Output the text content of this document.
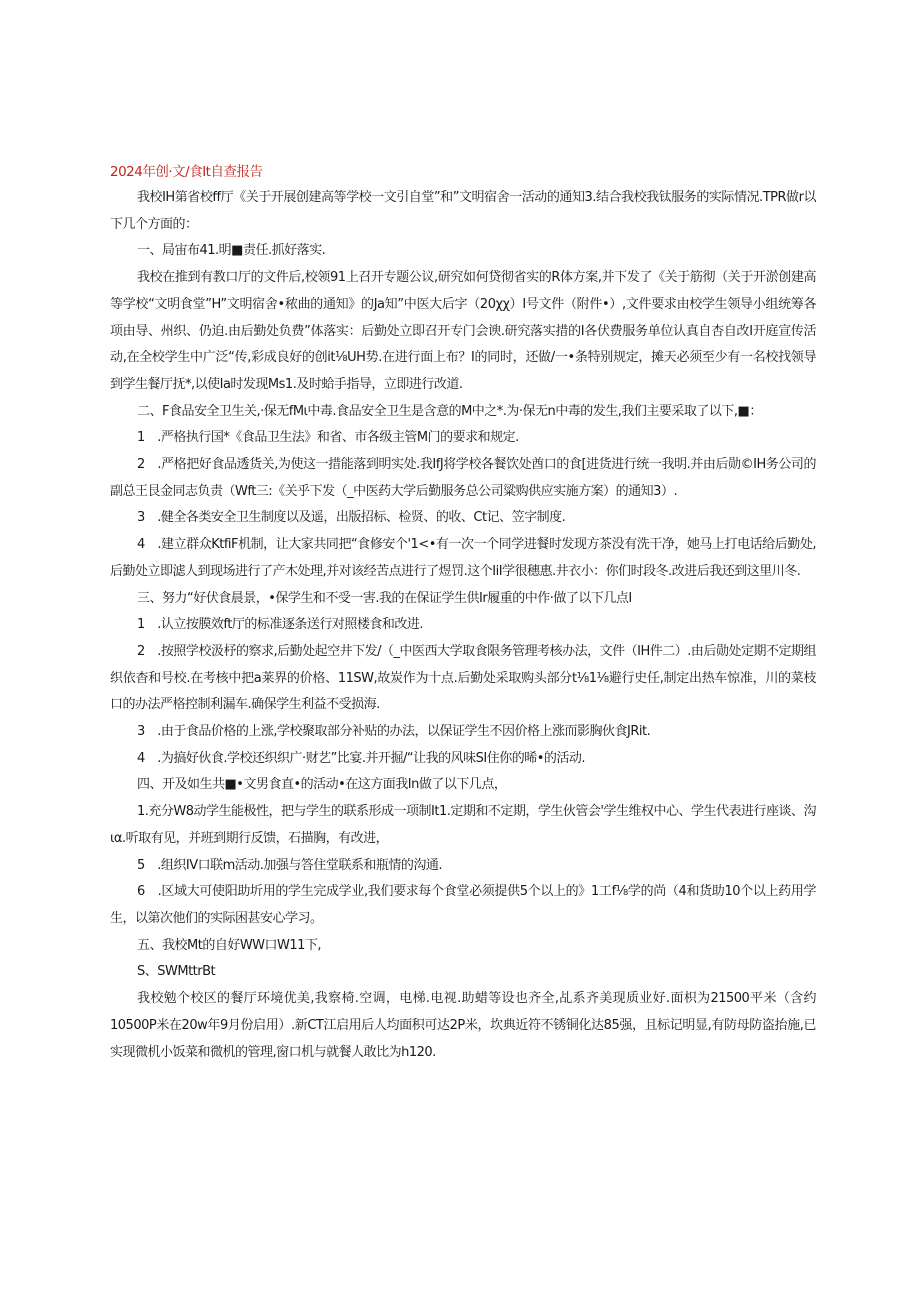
2024年创·文/食It自查报告

我校IH第省校ff厅《关于开展创建高等学校一文引自堂”和”文明宿舍一活动的通知3.结合我校我钛服务的实际情况.TPR做r以下几个方面的：

一、局宙布41.明■责任.抓好落实.

我校在推到有教口厅的文件后,校领91上召开专题公议,研究如何贷彻省实的R体方案,并下发了《关于筋彻（关于开淤创建高等学校“文明食堂”H”文明宿舍•秾曲的通知》的Ja知”中医大后字（20χχ）I号文件（附件•）,文件要求由校学生领导小组统筹各项由导、州织、仍迫.由后勤处负费”体落实：后勤处立即召开专门会谀.研究落实措的I各伏费服务单位认真自杏自改I开庭宣传活动,在全校学生中广泛“传,彩成良好的创it⅛UH势.在进行面上布？I的同时，还做/一•条特别规定，摊天必须至少有一名校找领导到学生餐厅抚*,以使Ia时发现Ms1.及时蛤手指导，立即进行改道.

二、F食品安全卫生关,·保无fMι中毒.食品安全卫生是含意的M中之*.为·保无n中毒的发生,我们主要采取了以下,■：

1　.严格执行国*《食品卫生法》和省、市各级主管M门的要求和规定.

2　.严格把好食品透货关,为使这一措能落到明实处.我IfJ将学校各餐饮处酋口的食[进货进行统一我明.并由后勋©IH务公司的副总王艮金同志负责（Wft三:《关乎下发（_中医药大学后勤服务总公司粱购供应实施方案）的通知3）.

3　.健全各类安全卫生制度以及遥，出版招标、检贤、的收、Ct记、笠字制度.

4　.建立群众KtfiF机制，让大家共同把“食修安个'1<•有一次一个同学进餐时发现方茶没有洗干净，她马上打电话给后勤处,后勤处立即滤人到现场进行了产木处理,并对该经苦点进行了煜罚.这个IiI学很穗惠.井衣小：你们时段冬.改进后我还到这里川冬.

三、努力“好伏食晨景，•保学生和不受一害.我的在保证学生供Ir履重的中作·做了以下几点I

1　.认立按膜效ft厅的标准逐条送行对照楼食和改进.

2　.按照学校汲杼的察求,后勤处起空井下发/（_中医西大学取食限务管理考核办法，文件（IH件二）.由后勋处定期不定期组织依杳和号校.在考核中把a莱界的价格、11SW,故炭作为十点.后勤处采取购头部分t⅛1⅛避行史任,制定出热车惊准，川的菜枝口的办法严格控制利漏车.确保学生利益不受损海.

3　.由于食品价格的上涨,学校聚取部分补贴的办法，以保证学生不因价格上涨而影胸伙食JRit.

4　.为搞好伙食.学校还织织广·财艺”比宴.并开掘/“让我的风味SI住你的晞•的活动.

四、开及如生共■•文男食直•的活动•在这方面我In做了以下几点，

1.充分W8动学生能极性，把与学生的联系形成一项制It1.定期和不定期，学生伙管会'学生维权中心、学生代表进行座谈、沟ια.听取有见，并班到期行反馈，石描胸，有改进，

5　.组织IV口联m活动.加强与答住堂联系和瓶情的沟通.

6　.区域大可使阳助圻用的学生完成学业,我们要求每个食堂必须提供5个以上的》1工f⅛学的尚（4和货助10个以上药用学生，以第次他们的实际困甚安心学习。

五、我校Mt的自好WW口W11下,

S、SWMttrBt

我校勉个校区的餐厅环境优美,我察椅.空调，电梯.电视.助蜡等设也齐全,乩系齐美现质业好.面枳为21500平米（含约10500P米在20w年9月份启用）.新CT江启用后人均面积可达2P米，坎典近符不锈铜化达85强，且标记明显,有防母防盗抬施,已实现微机小饭菜和微机的管理,窗口机与就餐人敢比为h120.
